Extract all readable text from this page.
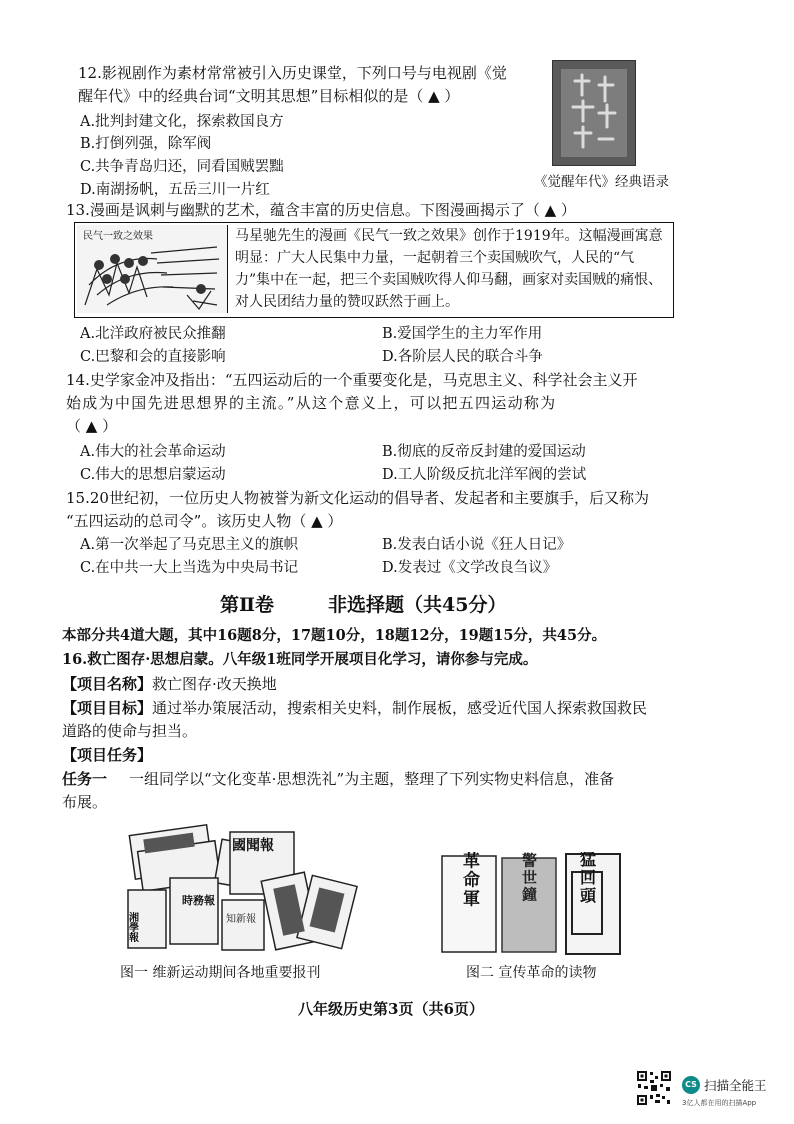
12.影视剧作为素材常常被引入历史课堂，下列口号与电视剧《觉
醒年代》中的经典台词“文明其思想”目标相似的是（ ▲ ）
A.批判封建文化，探索救国良方
B.打倒列强，除军阀
C.共争青岛归还，同看国贼罢黜
D.南湖扬帆，五岳三川一片红	《觉醒年代》经典语录
13.漫画是讽刺与幽默的艺术，蕴含丰富的历史信息。下图漫画揭示了（ ▲ ）
民气一致之效果	马星驰先生的漫画《民气一致之效果》创作于1919年。这幅漫画寓意明显：广大人民集中力量，一起朝着三个卖国贼吹气，人民的“气力”集中在一起，把三个卖国贼吹得人仰马翻，画家对卖国贼的痛恨、对人民团结力量的赞叹跃然于画上。
A.北洋政府被民众推翻	B.爱国学生的主力军作用
C.巴黎和会的直接影响	D.各阶层人民的联合斗争
14.史学家金冲及指出：“五四运动后的一个重要变化是，马克思主义、科学社会主义开
始成为中国先进思想界的主流。”从这个意义上，可以把五四运动称为
（ ▲ ）
A.伟大的社会革命运动	B.彻底的反帝反封建的爱国运动
C.伟大的思想启蒙运动	D.工人阶级反抗北洋军阀的尝试
15.20世纪初，一位历史人物被誉为新文化运动的倡导者、发起者和主要旗手，后又称为
“五四运动的总司令”。该历史人物（ ▲ ）
A.第一次举起了马克思主义的旗帜	B.发表白话小说《狂人日记》
C.在中共一大上当选为中央局书记	D.发表过《文学改良刍议》
第Ⅱ卷	非选择题（共45分）
本部分共4道大题，其中16题8分，17题10分，18题12分，19题15分，共45分。
16.救亡图存·思想启蒙。八年级1班同学开展项目化学习，请你参与完成。
【项目名称】救亡图存·改天换地
【项目目标】通过举办策展活动，搜索相关史料，制作展板，感受近代国人探索救国救民
道路的使命与担当。
【项目任务】
任务一 一组同学以“文化变革·思想洗礼”为主题，整理了下列实物史料信息，准备
布展。
國聞報
湘學報
時務報
知新報
图一 维新运动期间各地重要报刊
革命軍	警世鐘 猛回頭
图二 宣传革命的读物
八年级历史第3页（共6页）
CS 扫描全能王
3亿人都在用的扫描App
